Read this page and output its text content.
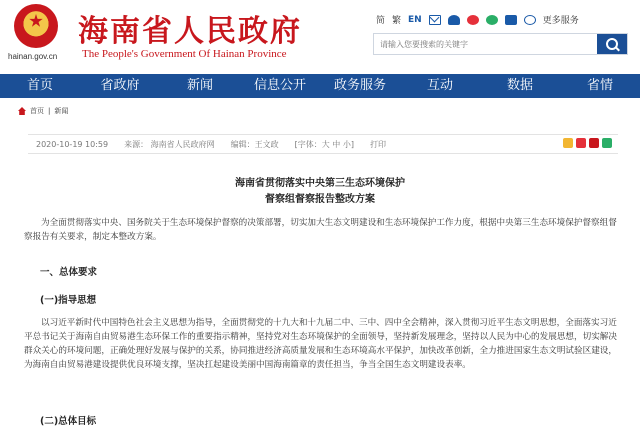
hainan.gov.cn
海南省人民政府
The People's Government Of Hainan Province
简 繁 EN	更多服务
请输入您要搜索的关键字
首页	省政府	新闻	信息公开	政务服务	互动	数据	省情
首页 | 新闻
2020-10-19 10:59 来源： 海南省人民政府网 编辑：王文政 [字体：大 中 小] 打印
海南省贯彻落实中央第三生态环境保护
督察组督察报告整改方案
为全面贯彻落实中央、国务院关于生态环境保护督察的决策部署，切实加大生态文明建设和生态环境保护工作力度，根据中央第三生态环境保护督察组督察报告有关要求，制定本整改方案。
一、总体要求
(一)指导思想
以习近平新时代中国特色社会主义思想为指导，全面贯彻党的十九大和十九届二中、三中、四中全会精神，深入贯彻习近平生态文明思想，全面落实习近平总书记关于海南自由贸易港生态环保工作的重要指示精神，坚持党对生态环境保护的全面领导，坚持新发展理念，坚持以人民为中心的发展思想，切实解决群众关心的环境问题，正确处理好发展与保护的关系，协同推进经济高质量发展和生态环境高水平保护，加快改革创新，全力推进国家生态文明试验区建设，为海南自由贸易港建设提供优良环境支撑，坚决扛起建设美丽中国海南篇章的责任担当，争当全国生态文明建设表率。
(二)总体目标
